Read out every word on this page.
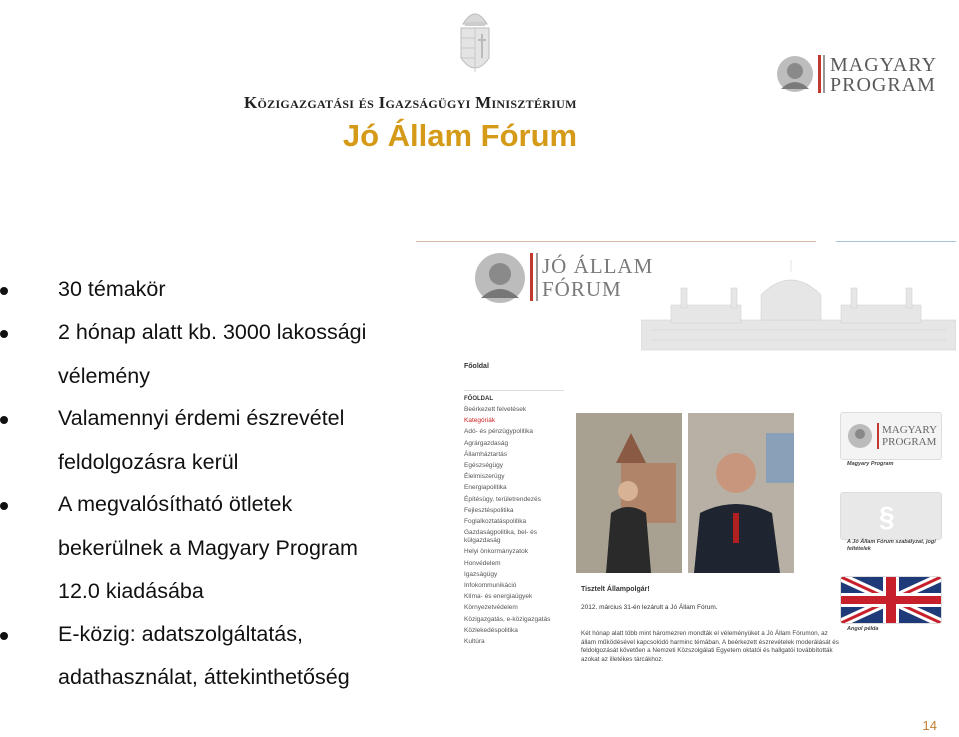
Közigazgatási és Igazságügyi Minisztérium
Jó Állam Fórum
MAGYARY
PROGRAM
30 témakör
2 hónap alatt kb. 3000 lakossági
vélemény
Valamennyi érdemi észrevétel
feldolgozásra kerül
A megvalósítható ötletek
bekerülnek a Magyary Program
12.0 kiadásába
E-közig: adatszolgáltatás,
adathasználat, áttekinthetőség
JÓ ÁLLAM
FÓRUM
Főoldal
FŐOLDAL
Beérkezett felvetések
Kategóriák
Adó- és pénzügypolitika
Agrárgazdaság
Államháztartás
Egészségügy
Élelmiszerügy
Energiapolitika
Építésügy, területrendezés
Fejlesztéspolitika
Foglalkoztatáspolitika
Gazdaságpolitika, bel- és külgazdaság
Helyi önkormányzatok
Honvédelem
Igazságügy
Infokommunikáció
Klíma- és energiaügyek
Környezetvédelem
Közigazgatás, e-közigazgatás
Közlekedéspolitika
Kultúra
Tisztelt Állampolgár!
2012. március 31-én lezárult a Jó Állam Fórum.
Két hónap alatt több mint háromezren mondták el véleményüket a Jó Állam Fórumon, az állam működésével kapcsolódó harminc témában. A beérkezett észrevételek moderálását és feldolgozását követően a Nemzeti Közszolgálati Egyetem oktatói és hallgatói továbbították azokat az illetékes tárcákhoz.
MAGYARY
PROGRAM
Magyary Program
§
A Jó Állam Fórum szabályzat, jogi feltételek
Angol példa
14
